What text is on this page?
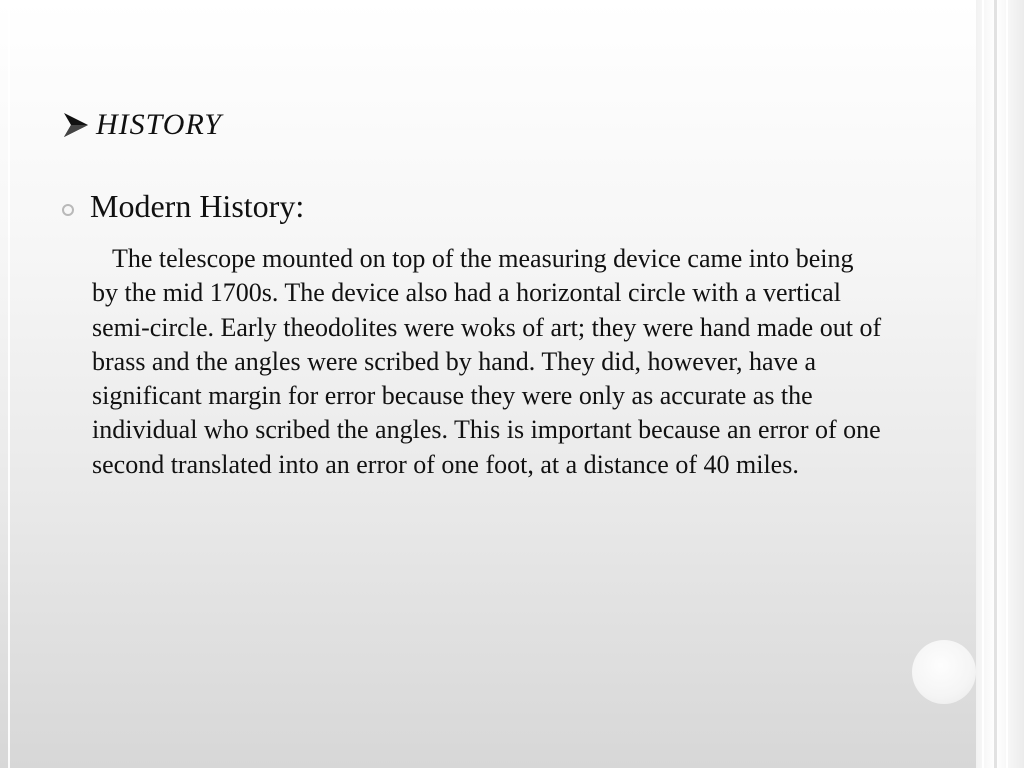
HISTORY
Modern History:
The telescope mounted on top of the measuring device came into being by the mid 1700s. The device also had a horizontal circle with a vertical semi-circle. Early theodolites were woks of art; they were hand made out of brass and the angles were scribed by hand. They did, however, have a significant margin for error because they were only as accurate as the individual who scribed the angles. This is important because an error of one second translated into an error of one foot, at a distance of 40 miles.
